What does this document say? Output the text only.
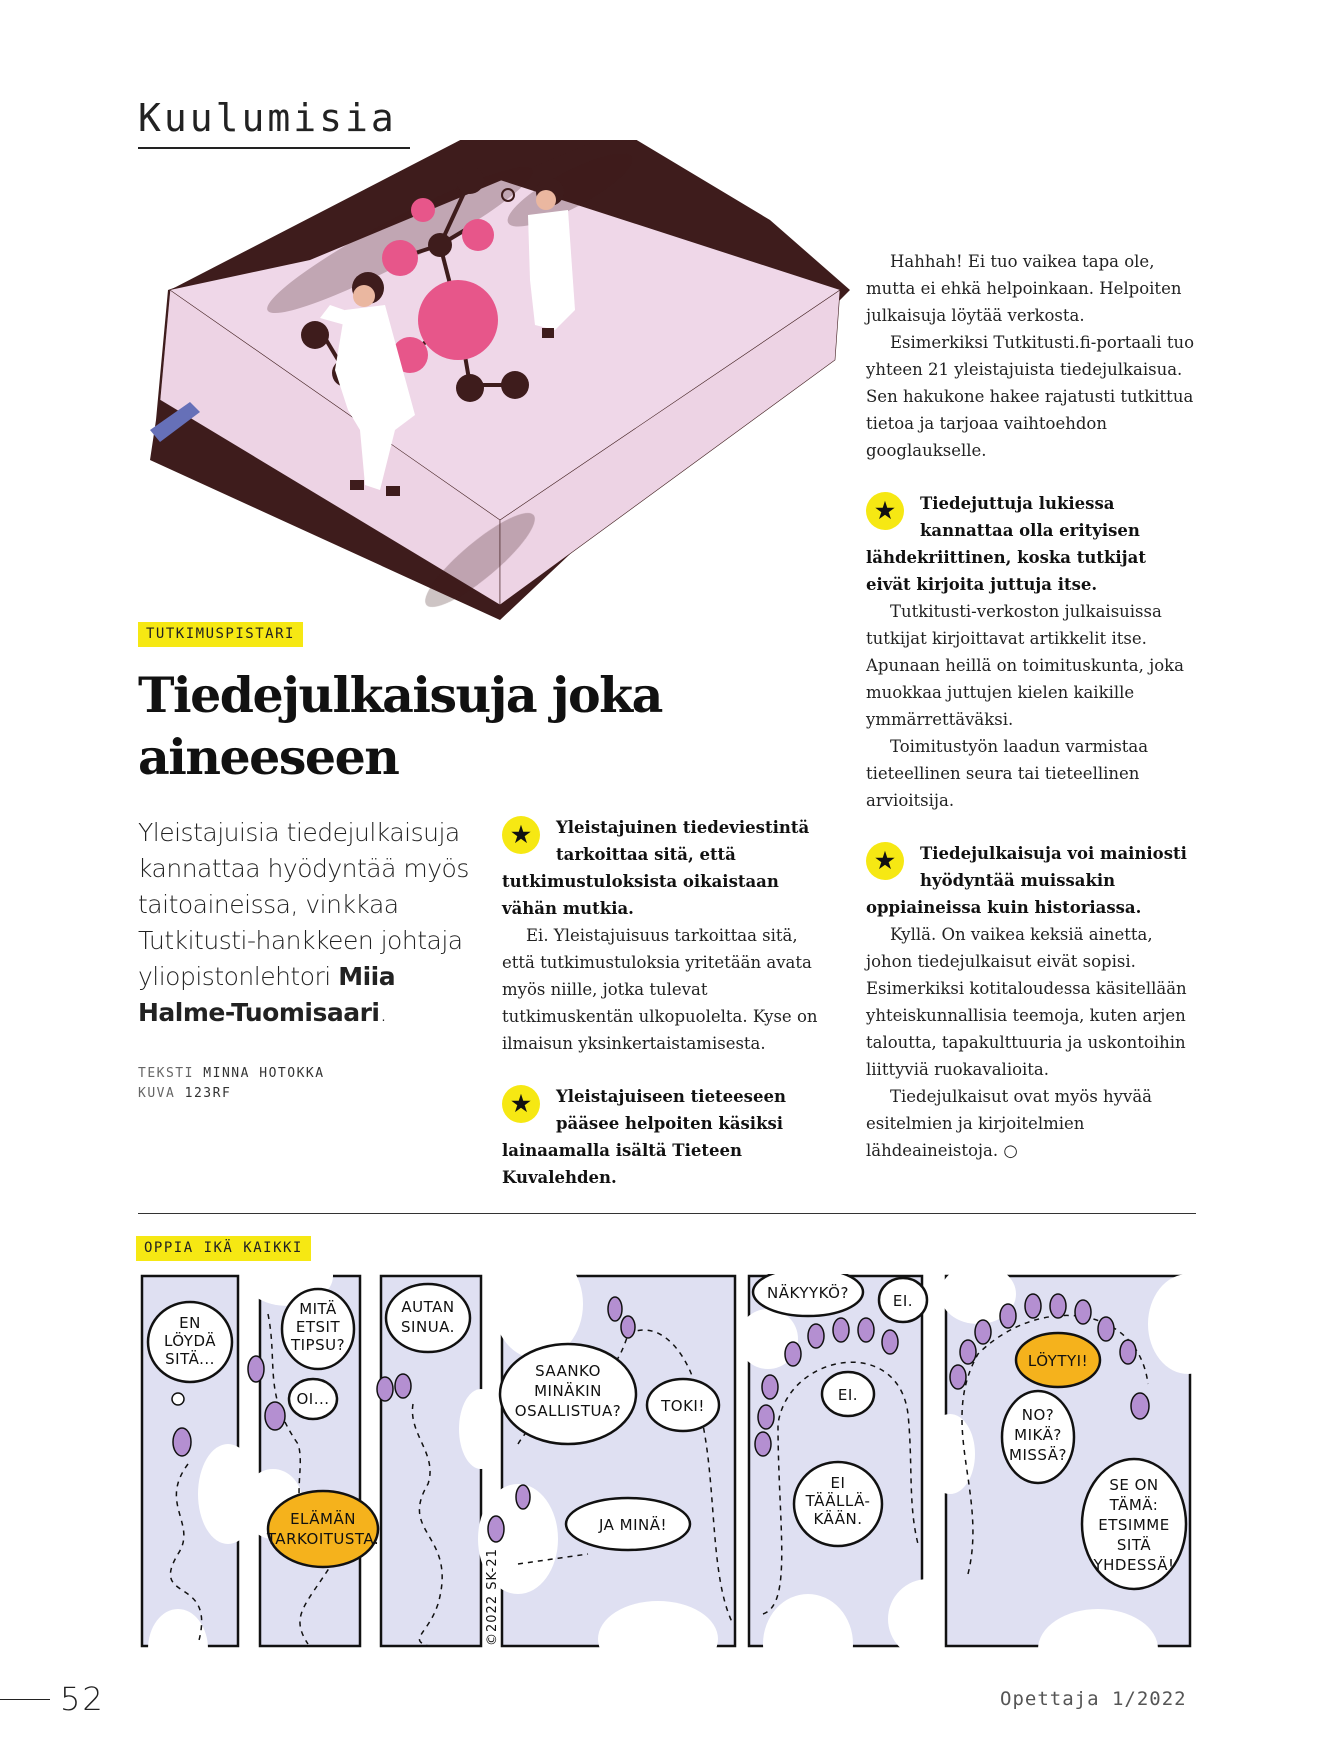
Kuulumisia
TUTKIMUSPISTARI
Tiedejulkaisuja joka
aineeseen
Yleistajuisia tiedejulkaisuja kannattaa hyödyntää myös taitoaineissa, vinkkaa Tutkitusti-hankkeen johtaja yliopistonlehtori Miia Halme-Tuomisaari.
TEKSTI MINNA HOTOKKA
KUVA 123RF
★	Yleistajuinen tiedeviestintä tarkoittaa sitä, että tutkimustuloksista oikaistaan vähän mutkia.

Ei. Yleistajuisuus tarkoittaa sitä, että tutkimustuloksia yritetään avata myös niille, jotka tulevat tutkimuskentän ulkopuolelta. Kyse on ilmaisun yksinkertaistamisesta.

★	Yleistajuiseen tieteeseen pääsee helpoiten käsiksi lainaamalla isältä Tieteen Kuvalehden.

Hahhah! Ei tuo vaikea tapa ole, mutta ei ehkä helpoinkaan. Helpoiten julkaisuja löytää verkosta.

Esimerkiksi Tutkitusti.fi-portaali tuo yhteen 21 yleistajuista tiedejulkaisua. Sen hakukone hakee rajatusti tutkittua tietoa ja tarjoaa vaihtoehdon googlaukselle.

★	Tiedejuttuja lukiessa kannattaa olla erityisen lähdekriittinen, koska tutkijat eivät kirjoita juttuja itse.

Tutkitusti-verkoston julkaisuissa tutkijat kirjoittavat artikkelit itse. Apunaan heillä on toimituskunta, joka muokkaa juttujen kielen kaikille ymmärrettäväksi.

Toimitustyön laadun varmistaa tieteellinen seura tai tieteellinen arvioitsija.

★	Tiedejulkaisuja voi mainiosti hyödyntää muissakin oppiaineissa kuin historiassa.

Kyllä. On vaikea keksiä ainetta, johon tiedejulkaisut eivät sopisi. Esimerkiksi kotitaloudessa käsitellään yhteiskunnallisia teemoja, kuten arjen taloutta, tapakulttuuria ja uskontoihin liittyviä ruokavalioita.

Tiedejulkaisut ovat myös hyvää esitelmien ja kirjoitelmien lähdeaineistoja. ○

OPPIA IKÄ KAIKKI
EN
LÖYDÄ
SITÄ...
MITÄ
ETSIT
TIPSU?
OI...
ELÄMÄN
TARKOITUSTA.
AUTAN
SINUA.
SAANKO
MINÄKIN
OSALLISTUA?	TOKI!
JA MINÄ!
NÄKYYKÖ?	EI.
EI.
EI
TÄÄLLÄ-
KÄÄN.
LÖYTYI!
NO?
MIKÄ?
MISSÄ?
SE ON
TÄMÄ:
ETSIMME
SITÄ
YHDESSÄ!
©2022 SK-21
52	Opettaja 1/2022
